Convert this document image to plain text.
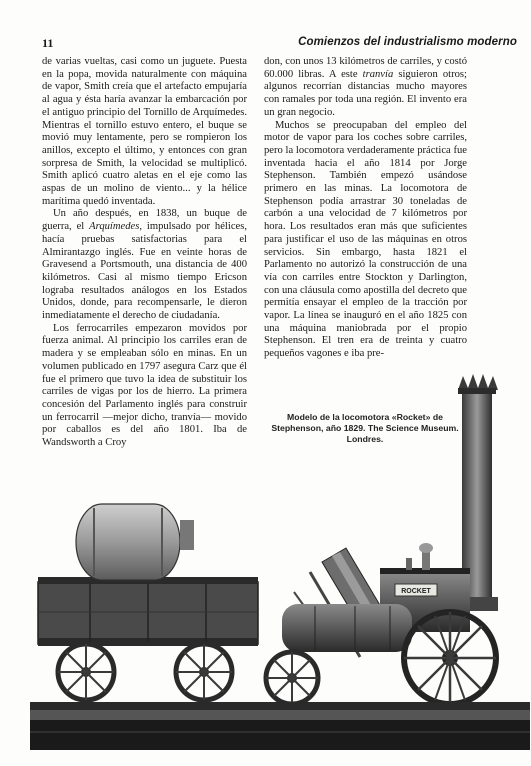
11	Comienzos del industrialismo moderno

de varias vueltas, casi como un juguete. Puesta en la popa, movida naturalmente con máquina de vapor, Smith creía que el artefacto empujaría al agua y ésta haría avanzar la embarcación por el antiguo principio del Tornillo de Arquímedes. Mientras el tornillo estuvo entero, el buque se movió muy lentamente, pero se rompieron los anillos, excepto el último, y entonces con gran sorpresa de Smith, la velocidad se multiplicó. Smith aplicó cuatro aletas en el eje como las aspas de un molino de viento... y la hélice marítima quedó inventada.

Un año después, en 1838, un buque de guerra, el Arquímedes, impulsado por hélices, hacía pruebas satisfactorias para el Almirantazgo inglés. Fue en veinte horas de Gravesend a Portsmouth, una distancia de 400 kilómetros. Casi al mismo tiempo Ericson lograba resultados análogos en los Estados Unidos, donde, para recompensarle, le dieron inmediatamente el derecho de ciudadanía.

Los ferrocarriles empezaron movidos por fuerza animal. Al principio los carriles eran de madera y se empleaban sólo en minas. En un volumen publicado en 1797 asegura Carz que él fue el primero que tuvo la idea de substituir los carriles de vigas por los de hierro. La primera concesión del Parlamento inglés para construir un ferrocarril —mejor dicho, tranvía— movido por caballos es del año 1801. Iba de Wandsworth a Croy

don, con unos 13 kilómetros de carriles, y costó 60.000 libras. A este tranvía siguieron otros; algunos recorrían distancias mucho mayores con ramales por toda una región. El invento era un gran negocio.

Muchos se preocupaban del empleo del motor de vapor para los coches sobre carriles, pero la locomotora verdaderamente práctica fue inventada hacia el año 1814 por Jorge Stephenson. También empezó usándose primero en las minas. La locomotora de Stephenson podía arrastrar 30 toneladas de carbón a una velocidad de 7 kilómetros por hora. Los resultados eran más que suficientes para justificar el uso de las máquinas en otros servicios. Sin embargo, hasta 1821 el Parlamento no autorizó la construcción de una vía con carriles entre Stockton y Darlington, con una cláusula como apostilla del decreto que permitía ensayar el empleo de la tracción por vapor. La línea se inauguró en el año 1825 con una máquina maniobrada por el propio Stephenson. El tren era de treinta y cuatro pequeños vagones e iba pre-

ROCKET
Modelo de la locomotora «Rocket» de Stephenson, año 1829. The Science Museum. Londres.
